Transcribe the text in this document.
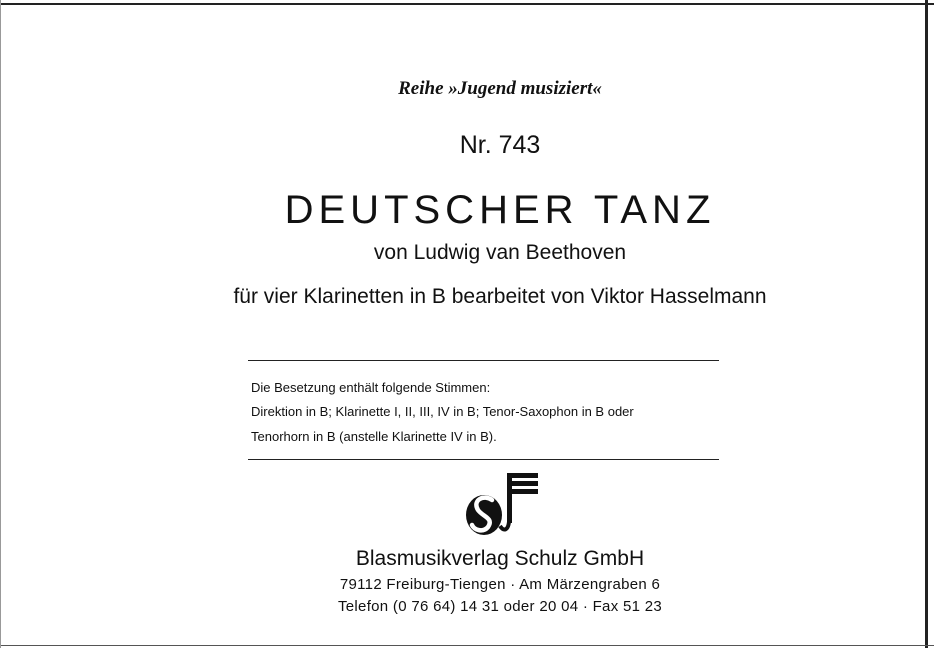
Reihe »Jugend musiziert«
Nr. 743
DEUTSCHER TANZ
von Ludwig van Beethoven
für vier Klarinetten in B bearbeitet von Viktor Hasselmann
Die Besetzung enthält folgende Stimmen:
Direktion in B; Klarinette I, II, III, IV in B; Tenor-Saxophon in B oder
Tenorhorn in B (anstelle Klarinette IV in B).
Blasmusikverlag Schulz GmbH
79112 Freiburg-Tiengen · Am Märzengraben 6
Telefon (0 76 64) 14 31 oder 20 04 · Fax 51 23
